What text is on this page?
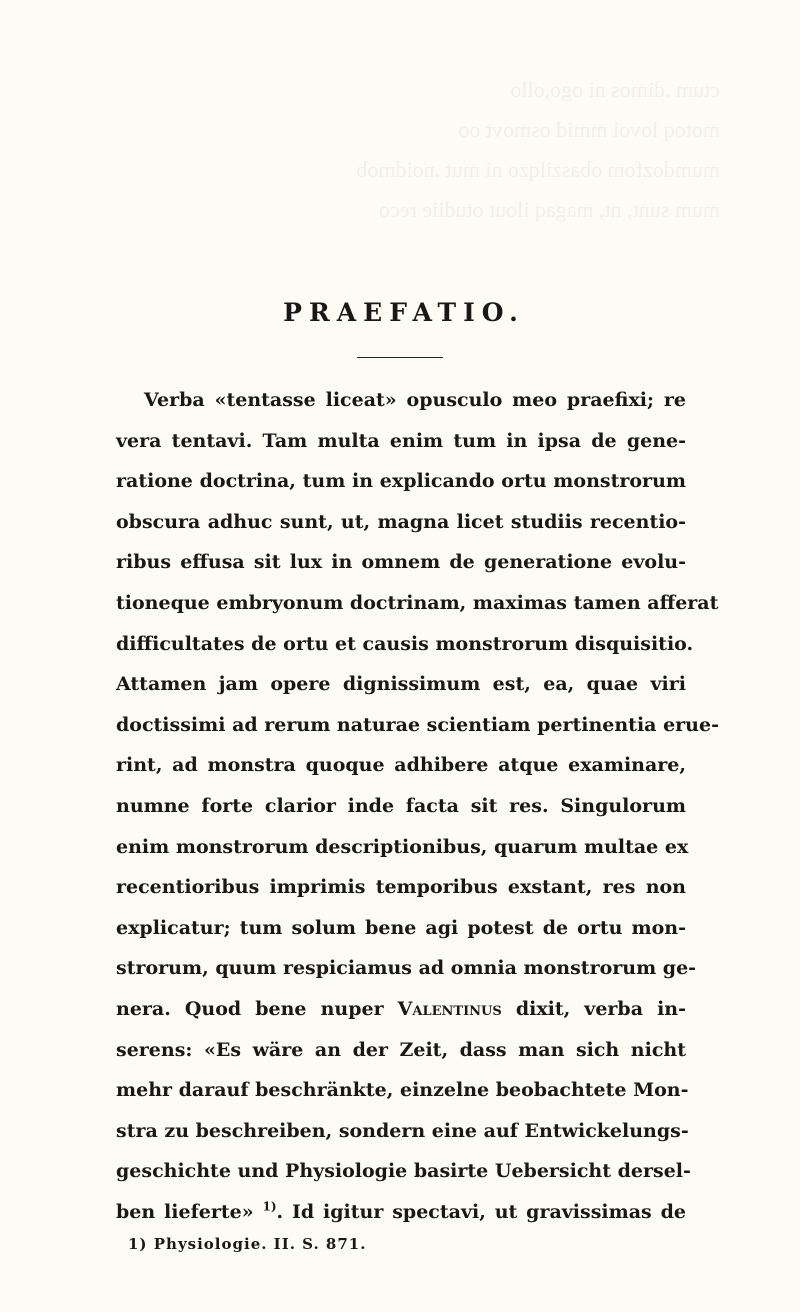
ctum .dimos ni ogo,ollo
motoq lovoi mmid osmovt oo
mumdozfom obaszilqzo ni mut .noidmob
mum sunt, nt, magaq ilout otudiie reco
PRAEFATIO.
Verba «tentasse liceat» opusculo meo praefixi; re
vera tentavi. Tam multa enim tum in ipsa de gene-
ratione doctrina, tum in explicando ortu monstrorum
obscura adhuc sunt, ut, magna licet studiis recentio-
ribus effusa sit lux in omnem de generatione evolu-
tioneque embryonum doctrinam, maximas tamen afferat
difficultates de ortu et causis monstrorum disquisitio.
Attamen jam opere dignissimum est, ea, quae viri
doctissimi ad rerum naturae scientiam pertinentia erue-
rint, ad monstra quoque adhibere atque examinare,
numne forte clarior inde facta sit res. Singulorum
enim monstrorum descriptionibus, quarum multae ex
recentioribus imprimis temporibus exstant, res non
explicatur; tum solum bene agi potest de ortu mon-
strorum, quum respiciamus ad omnia monstrorum ge-
nera. Quod bene nuper Valentinus dixit, verba in-
serens: «Es wäre an der Zeit, dass man sich nicht
mehr darauf beschränkte, einzelne beobachtete Mon-
stra zu beschreiben, sondern eine auf Entwickelungs-
geschichte und Physiologie basirte Uebersicht dersel-
ben lieferte» $^{1)}$. Id igitur spectavi, ut gravissimas de
1) Physiologie. II. S. 871.
